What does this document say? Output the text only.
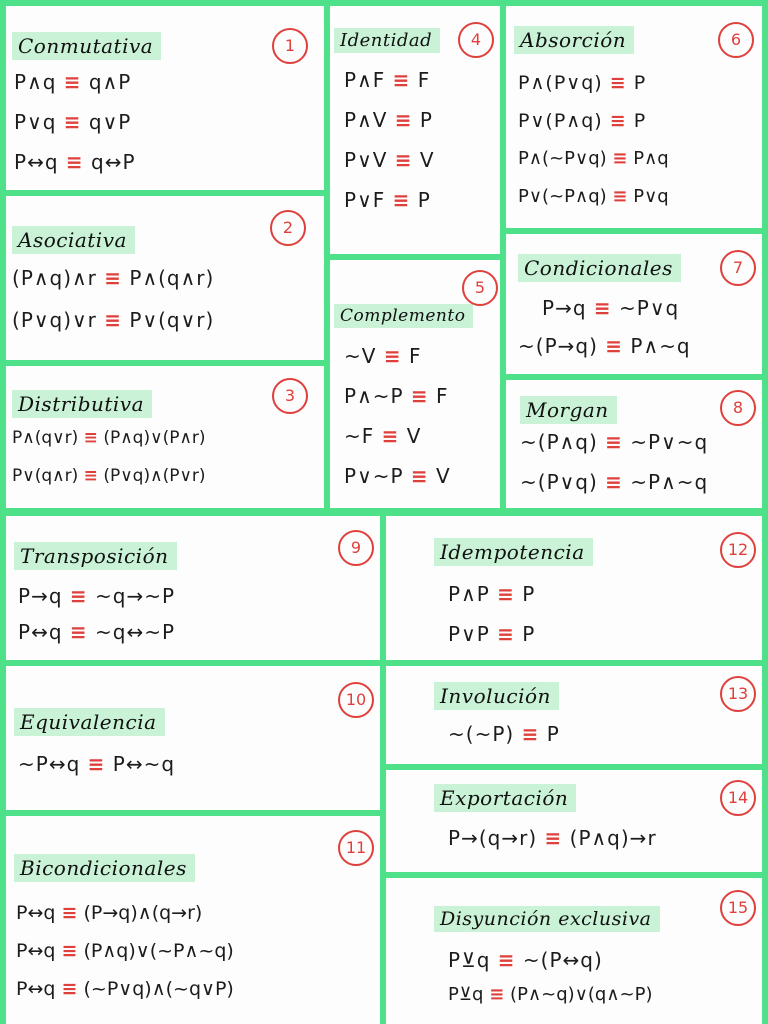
Conmutativa	1
P∧q ≡ q∧P
P∨q ≡ q∨P
P↔q ≡ q↔P
Asociativa
2
(P∧q)∧r ≡ P∧(q∧r)
(P∨q)∨r ≡ P∨(q∨r)
Distributiva	3
P∧(q∨r) ≡ (P∧q)∨(P∧r)
P∨(q∧r) ≡ (P∨q)∧(P∨r)
Identidad	4
P∧F ≡ F
P∧V ≡ P
P∨V ≡ V
P∨F ≡ P
Complemento
5
~V ≡ F
P∧~P ≡ F
~F ≡ V
P∨~P ≡ V
Absorción	6
P∧(P∨q) ≡ P
P∨(P∧q) ≡ P
P∧(~P∨q) ≡ P∧q
P∨(~P∧q) ≡ P∨q
Condicionales	7
P→q ≡ ~P∨q
~(P→q) ≡ P∧~q
Morgan	8
~(P∧q) ≡ ~P∨~q
~(P∨q) ≡ ~P∧~q
Transposición	9
P→q ≡ ~q→~P
P↔q ≡ ~q↔~P
Equivalencia
10
~P↔q ≡ P↔~q
Bicondicionales
11
P↔q ≡ (P→q)∧(q→r)
P↔q ≡ (P∧q)∨(~P∧~q)
P↔q ≡ (~P∨q)∧(~q∨P)
Idempotencia	12
P∧P ≡ P
P∨P ≡ P
Involución	13
~(~P) ≡ P
Exportación	14
P→(q→r) ≡ (P∧q)→r
Disyunción exclusiva
15
P⊻q ≡ ~(P↔q)
P⊻q ≡ (P∧~q)∨(q∧~P)
